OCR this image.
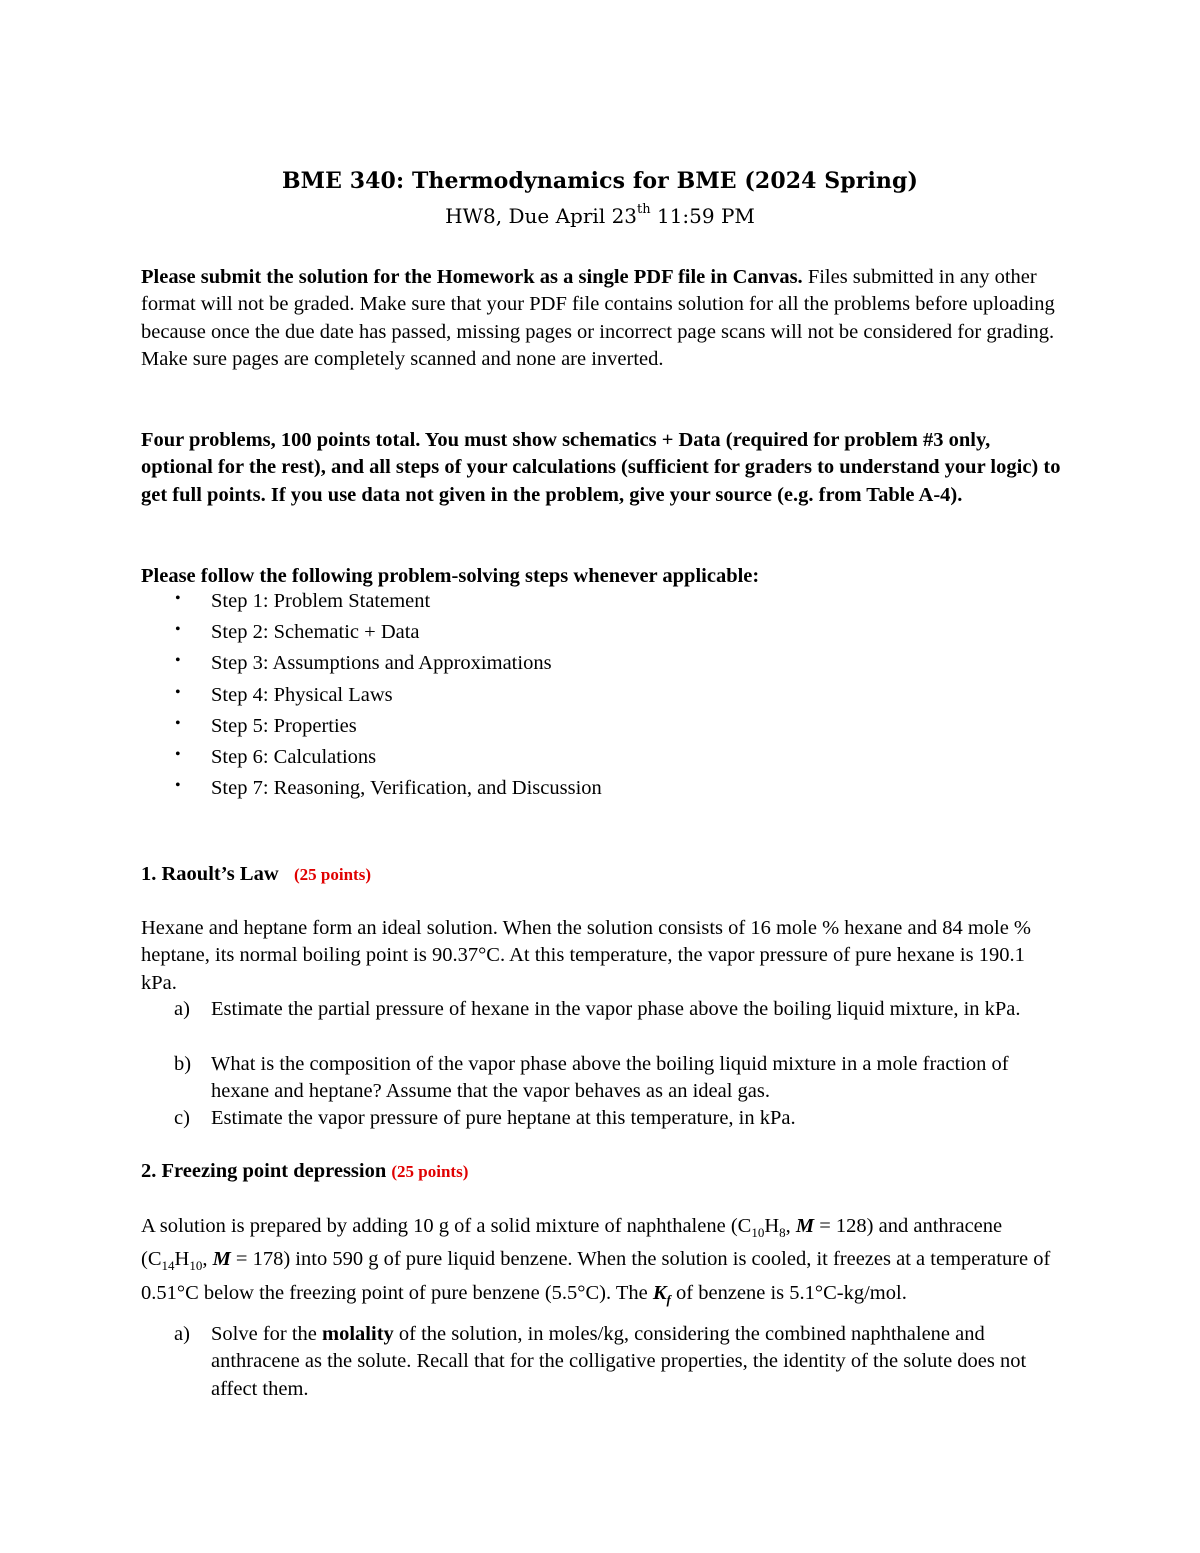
BME 340: Thermodynamics for BME (2024 Spring)
HW8, Due April 23th 11:59 PM
Please submit the solution for the Homework as a single PDF file in Canvas. Files submitted in any other format will not be graded. Make sure that your PDF file contains solution for all the problems before uploading because once the due date has passed, missing pages or incorrect page scans will not be considered for grading. Make sure pages are completely scanned and none are inverted.
Four problems, 100 points total. You must show schematics + Data (required for problem #3 only, optional for the rest), and all steps of your calculations (sufficient for graders to understand your logic) to get full points. If you use data not given in the problem, give your source (e.g. from Table A-4).
Please follow the following problem-solving steps whenever applicable:
• Step 1: Problem Statement
• Step 2: Schematic + Data
• Step 3: Assumptions and Approximations
• Step 4: Physical Laws
• Step 5: Properties
• Step 6: Calculations
• Step 7: Reasoning, Verification, and Discussion
1. Raoult’s Law (25 points)
Hexane and heptane form an ideal solution. When the solution consists of 16 mole % hexane and 84 mole % heptane, its normal boiling point is 90.37°C. At this temperature, the vapor pressure of pure hexane is 190.1 kPa.
a) Estimate the partial pressure of hexane in the vapor phase above the boiling liquid mixture, in kPa.
b) What is the composition of the vapor phase above the boiling liquid mixture in a mole fraction of hexane and heptane? Assume that the vapor behaves as an ideal gas.
c) Estimate the vapor pressure of pure heptane at this temperature, in kPa.
2. Freezing point depression (25 points)
A solution is prepared by adding 10 g of a solid mixture of naphthalene ($C_{10}H_8$, M = 128) and anthracene ($C_{14}H_{10}$, M = 178) into 590 g of pure liquid benzene. When the solution is cooled, it freezes at a temperature of 0.51°C below the freezing point of pure benzene (5.5°C). The $K_f$ of benzene is 5.1°C-kg/mol.
a) Solve for the molality of the solution, in moles/kg, considering the combined naphthalene and anthracene as the solute. Recall that for the colligative properties, the identity of the solute does not affect them.
